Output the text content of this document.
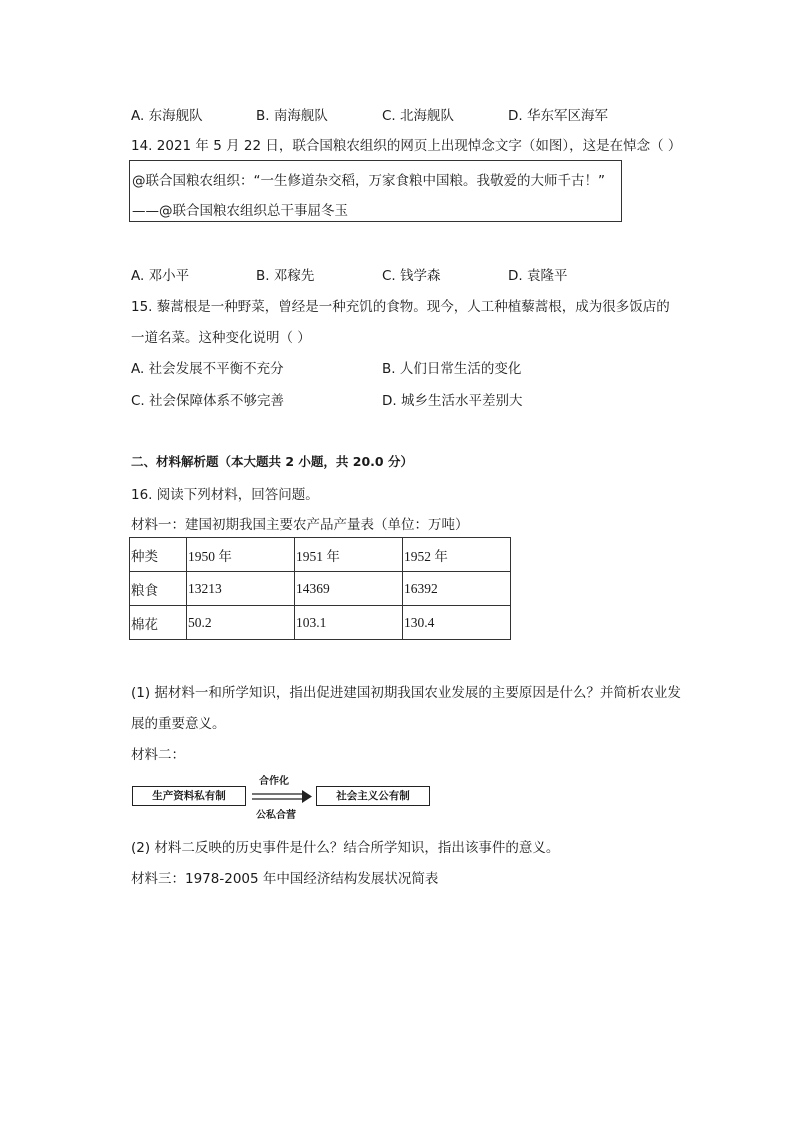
A. 东海舰队	B. 南海舰队	C. 北海舰队	D. 华东军区海军
14. 2021 年 5 月 22 日，联合国粮农组织的网页上出现悼念文字（如图），这是在悼念（ ）
@联合国粮农组织：“一生修道杂交稻，万家食粮中国粮。我敬爱的大师千古！”
——@联合国粮农组织总干事屈冬玉
A. 邓小平	B. 邓稼先	C. 钱学森	D. 袁隆平
15. 藜蒿根是一种野菜，曾经是一种充饥的食物。现今，人工种植藜蒿根，成为很多饭店的
一道名菜。这种变化说明（ ）
A. 社会发展不平衡不充分	B. 人们日常生活的变化
C. 社会保障体系不够完善	D. 城乡生活水平差别大
二、材料解析题（本大题共 2 小题，共 20.0 分）
16. 阅读下列材料，回答问题。
材料一：建国初期我国主要农产品产量表（单位：万吨）
种类	1950 年	1951 年	1952 年
粮食	13213	14369	16392
棉花	50.2	103.1	130.4
(1) 据材料一和所学知识，指出促进建国初期我国农业发展的主要原因是什么？并简析农业发
展的重要意义。
材料二：
生产资料私有制
合作化
公私合营
社会主义公有制
(2) 材料二反映的历史事件是什么？结合所学知识，指出该事件的意义。
材料三：1978-2005 年中国经济结构发展状况简表
